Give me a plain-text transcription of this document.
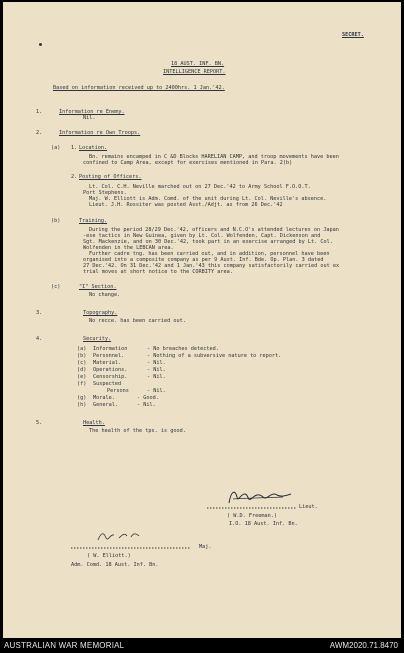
SECRET.
18 AUST. INF. BN.
INTELLIGENCE REPORT.
Based on information received up to 2400hrs. 1 Jan.'42.
1.	Information re Enemy.
Nil.
2.	Information re Own Troops.
(a) 1. Location.
Bn. remains encamped in C &D Blocks HARELIAN CAMP, and troop movements have been
confined to Camp Area, except for exercises mentioned in Para. 2(b)
2. Posting of Officers.
Lt. Col. C.H. Neville marched out on 27 Dec.'42 to Army School F.O.O.T.
Port Stephens.
Maj. W. Elliott is Adm. Comd. of the unit during Lt. Col. Neville's absence.
Lieut. J.H. Rossiter was posted Asst./Adjt. as from 26 Dec.'42
(b)	Training.
During the period 28/29 Dec.'42, officers and N.C.O's attended lectures on Japan
-ese tactics in New Guinea, given by Lt. Col. Wolfenden, Capt. Dickenson and
Sgt. Mackenzie, and on 30 Dec.'42, took part in an exercise arranged by Lt. Col.
Wolfenden in the LEBCAN area.
Further cadre tng. has been carried out, and in addition, personnel have been
organised into a composite company as per 9 Aust. Inf. Bde. Op. Plan. 3 dated
27 Dec.'42. On 31 Dec.'42 and 1 Jan.'43 this company satisfactorily carried out ex
trial moves at short notice to the CORBITY area.
(c)	"I" Section.
No change.
3.	Topography.
No recce. has been carried out.
4.	Security.
(a) Information	- No breaches detected.
(b) Personnel.	- Nothing of a subversive nature to report.
(c) Material.	- Nil.
(d) Operations.	- Nil.
(e) Censorship.	- Nil.
(f) Suspected
Persons	- Nil.
(g) Morale.	- Good.
(h) General.	- Nil.
5.	Health.
The health of the tps. is good.
Lieut.
( W.D. Freeman.)
I.O. 18 Aust. Inf. Bn.
Maj.
( W. Elliott.)
Adm. Comd. 18 Aust. Inf. Bn.
AUSTRALIAN WAR MEMORIAL	AWM2020.71.8470
